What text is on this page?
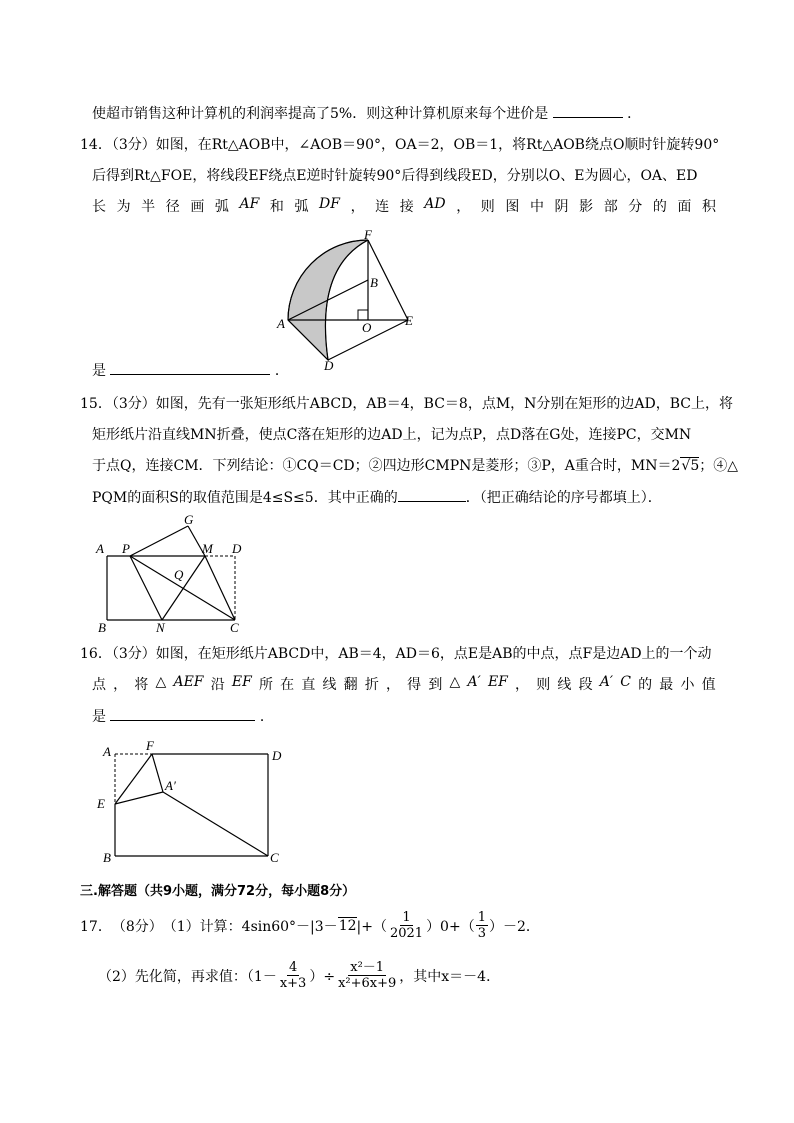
使超市销售这种计算机的利润率提高了5%．则这种计算机原来每个进价是	．
14．（3分）如图，在Rt△AOB中，∠AOB＝90°，OA＝2，OB＝1，将Rt△AOB绕点O顺时针旋转90°
后得到Rt△FOE，将线段EF绕点E逆时针旋转90°后得到线段ED，分别以O、E为圆心，OA、ED
长 为 半 径 画 弧 AF 和 弧 DF ， 连 接 AD ， 则 图 中 阴 影 部 分 的 面 积
F
B
A	O	E
D
是	．
15．（3分）如图，先有一张矩形纸片ABCD，AB＝4，BC＝8，点M，N分别在矩形的边AD，BC上，将
矩形纸片沿直线MN折叠，使点C落在矩形的边AD上，记为点P，点D落在G处，连接PC，交MN
于点Q，连接CM．下列结论：①CQ＝CD；②四边形CMPN是菱形；③P，A重合时，MN＝2√5；④△
PQM的面积S的取值范围是4≤S≤5．其中正确的	．（把正确结论的序号都填上）．
G
A P	M D
Q
B	N	C
16．（3分）如图，在矩形纸片ABCD中，AB＝4，AD＝6，点E是AB的中点，点F是边AD上的一个动
点 ， 将 △ AEF 沿 EF 所 在 直 线 翻 折 ， 得 到 △ A′ EF ， 则 线 段 A′ C 的 最 小 值
是	．
A	F
D
A′
E
B	C
三.解答题（共9小题，满分72分，每小题8分）
17． （8分） （1）计算：4sin60°－|3－ 12 |+（ $\frac{1}{2021} )0+( \frac{1}{3} )-2$．
（2）先化简，再求值：（$1- \frac{4}{x+3}$ ）÷ $\frac{\text{x²－1}}{\text{x²+6x+9}}$ ，其中x＝－4．
